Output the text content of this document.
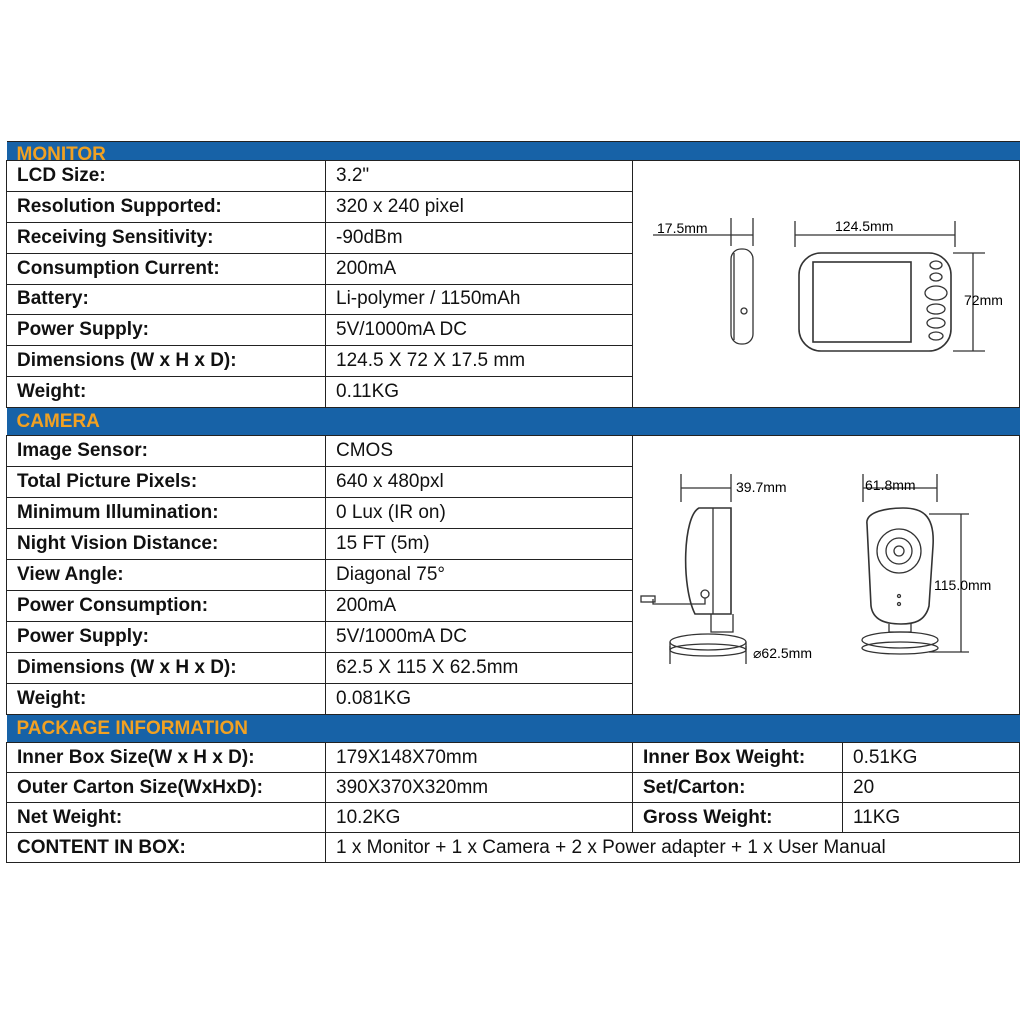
MONITOR			
LCD Size:	3.2"	17.5mm 124.5mm
72mm	

Resolution Supported:	320 x 240 pixel		
Receiving Sensitivity:	-90dBm		
Consumption Current:	200mA		
Battery:	Li-polymer / 1150mAh		
Power Supply:	5V/1000mA DC		
Dimensions (W x H x D):	124.5 X 72 X 17.5 mm		
Weight:	0.11KG		
CAMERA			
Image Sensor:	CMOS	39.7mm 61.8mm
115.0mm
⌀62.5mm	

Total Picture Pixels:	640 x 480pxl		
Minimum Illumination:	0 Lux (IR on)		
Night Vision Distance:	15 FT (5m)		
View Angle:	Diagonal 75°		
Power Consumption:	200mA		
Power Supply:	5V/1000mA DC		
Dimensions (W x H x D):	62.5 X 115 X 62.5mm		
Weight:	0.081KG		
PACKAGE INFORMATION			
Inner Box Size(W x H x D):	179X148X70mm	Inner Box Weight:	0.51KG
Outer Carton Size(WxHxD):	390X370X320mm	Set/Carton:	20
Net Weight:	10.2KG	Gross Weight:	11KG
CONTENT IN BOX:	1 x Monitor + 1 x Camera + 2 x Power adapter + 1 x User Manual		
